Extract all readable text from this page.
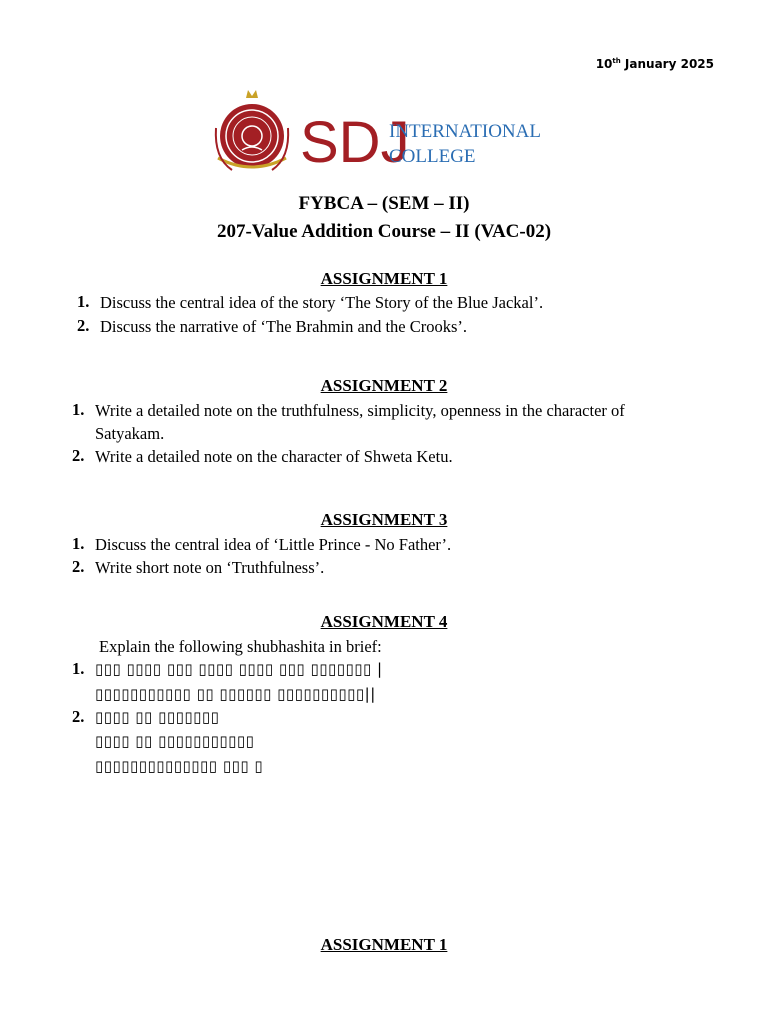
10th January 2025
SDJ
INTERNATIONAL
COLLEGE
FYBCA – (SEM – II)
207-Value Addition Course – II (VAC-02)
ASSIGNMENT 1
1. Discuss the central idea of the story ‘The Story of the Blue Jackal’.
2. Discuss the narrative of ‘The Brahmin and the Crooks’.
ASSIGNMENT 2
1. Write a detailed note on the truthfulness, simplicity, openness in the character of
Satyakam.
2. Write a detailed note on the character of Shweta Ketu.
ASSIGNMENT 3
1. Discuss the central idea of ‘Little Prince - No Father’.
2. Write short note on ‘Truthfulness’.
ASSIGNMENT 4
Explain the following shubhashita in brief:
1. ▯▯▯ ▯▯▯▯ ▯▯▯ ▯▯▯▯ ▯▯▯▯ ▯▯▯ ▯▯▯▯▯▯▯ |
▯▯▯▯▯▯▯▯▯▯▯ ▯▯ ▯▯▯▯▯▯ ▯▯▯▯▯▯▯▯▯▯||
2. ▯▯▯▯ ▯▯ ▯▯▯▯▯▯▯
▯▯▯▯ ▯▯ ▯▯▯▯▯▯▯▯▯▯▯
▯▯▯▯▯▯▯▯▯▯▯▯▯▯ ▯▯▯ ▯
ASSIGNMENT 1
